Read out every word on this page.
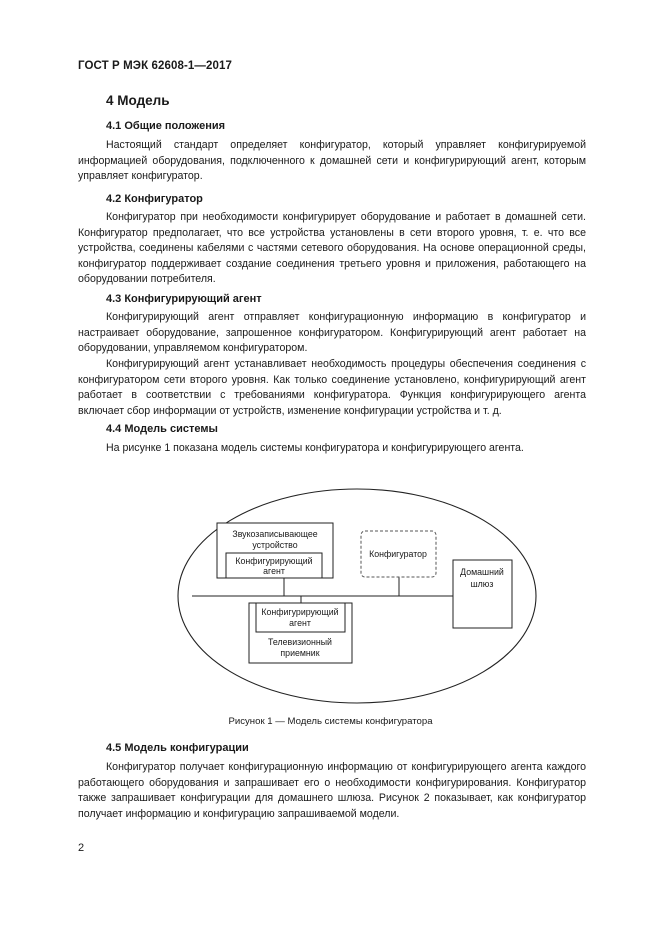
ГОСТ Р МЭК 62608-1—2017
4 Модель
4.1 Общие положения

Настоящий стандарт определяет конфигуратор, который управляет конфигурируемой информацией оборудования, подключенного к домашней сети и конфигурирующий агент, которым управляет конфигуратор.

4.2 Конфигуратор

Конфигуратор при необходимости конфигурирует оборудование и работает в домашней сети. Конфигуратор предполагает, что все устройства установлены в сети второго уровня, т. е. что все устройства, соединены кабелями с частями сетевого оборудования. На основе операционной среды, конфигуратор поддерживает создание соединения третьего уровня и приложения, работающего на оборудовании потребителя.

4.3 Конфигурирующий агент

Конфигурирующий агент отправляет конфигурационную информацию в конфигуратор и настраивает оборудование, запрошенное конфигуратором. Конфигурирующий агент работает на оборудовании, управляемом конфигуратором.

Конфигурирующий агент устанавливает необходимость процедуры обеспечения соединения с конфигуратором сети второго уровня. Как только соединение установлено, конфигурирующий агент работает в соответствии с требованиями конфигуратора. Функция конфигурирующего агента включает сбор информации от устройств, изменение конфигурации устройства и т. д.

4.4 Модель системы

На рисунке 1 показана модель системы конфигуратора и конфигурирующего агента.

Звукозаписывающее
устройство
Конфигурирующий
агент
Конфигуратор
Домашний
шлюз
Конфигурирующий
агент
Телевизионный
приемник
Рисунок 1 — Модель системы конфигуратора
4.5 Модель конфигурации

Конфигуратор получает конфигурационную информацию от конфигурирующего агента каждого работающего оборудования и запрашивает его о необходимости конфигурирования. Конфигуратор также запрашивает конфигурации для домашнего шлюза. Рисунок 2 показывает, как конфигуратор получает информацию и конфигурацию запрашиваемой модели.

2
